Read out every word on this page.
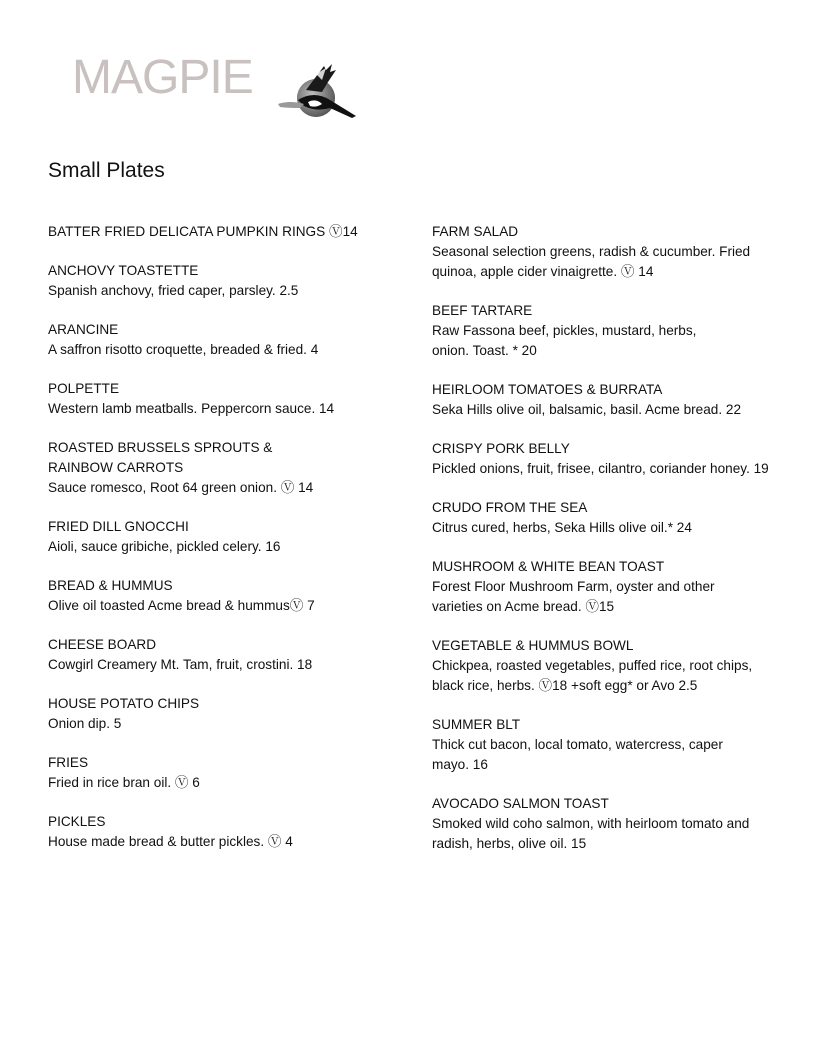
MAGPIE
Small Plates
BATTER FRIED DELICATA PUMPKIN RINGS Ⓥ14
ANCHOVY TOASTETTE
Spanish anchovy, fried caper, parsley. 2.5
ARANCINE
A saffron risotto croquette, breaded & fried. 4
POLPETTE
Western lamb meatballs. Peppercorn sauce. 14
ROASTED BRUSSELS SPROUTS & RAINBOW CARROTS
Sauce romesco, Root 64 green onion. Ⓥ 14
FRIED DILL GNOCCHI
Aioli, sauce gribiche, pickled celery. 16
BREAD & HUMMUS
Olive oil toasted Acme bread & hummusⓋ 7
CHEESE BOARD
Cowgirl Creamery Mt. Tam, fruit, crostini. 18
HOUSE POTATO CHIPS
Onion dip. 5
FRIES
Fried in rice bran oil. Ⓥ 6
PICKLES
House made bread & butter pickles. Ⓥ 4
FARM SALAD
Seasonal selection greens, radish & cucumber. Fried quinoa, apple cider vinaigrette. Ⓥ 14
BEEF TARTARE
Raw Fassona beef, pickles, mustard, herbs, onion. Toast. * 20
HEIRLOOM TOMATOES & BURRATA
Seka Hills olive oil, balsamic, basil. Acme bread. 22
CRISPY PORK BELLY
Pickled onions, fruit, frisee, cilantro, coriander honey. 19
CRUDO FROM THE SEA
Citrus cured, herbs, Seka Hills olive oil.* 24
MUSHROOM & WHITE BEAN TOAST
Forest Floor Mushroom Farm, oyster and other varieties on Acme bread. Ⓥ15
VEGETABLE & HUMMUS BOWL
Chickpea, roasted vegetables, puffed rice, root chips, black rice, herbs. Ⓥ18 +soft egg* or Avo 2.5
SUMMER BLT
Thick cut bacon, local tomato, watercress, caper mayo. 16
AVOCADO SALMON TOAST
Smoked wild coho salmon, with heirloom tomato and radish, herbs, olive oil. 15
